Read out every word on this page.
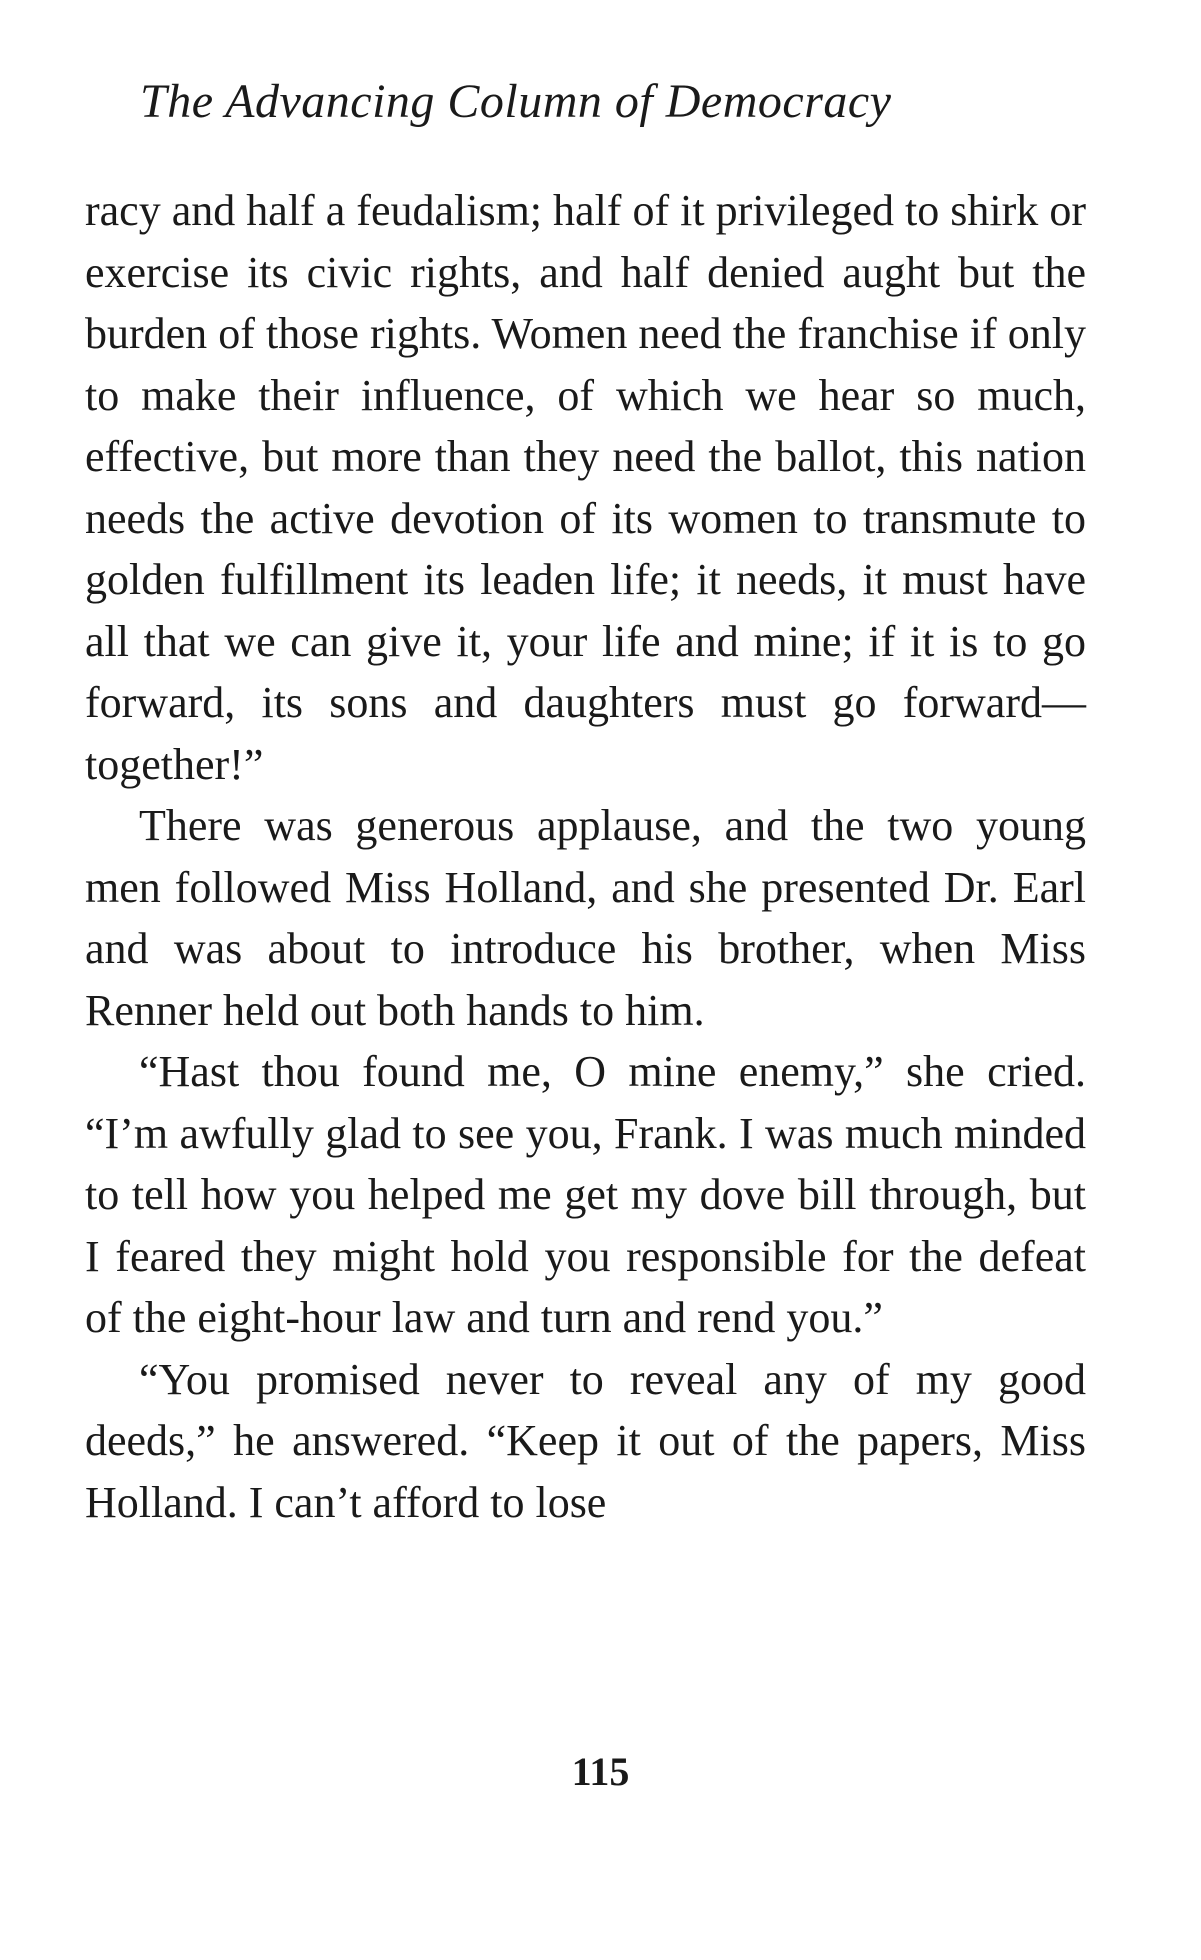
The Advancing Column of Democracy

racy and half a feudalism; half of it privileged to shirk or exercise its civic rights, and half denied aught but the burden of those rights. Women need the franchise if only to make their influence, of which we hear so much, effective, but more than they need the ballot, this nation needs the active devotion of its women to transmute to golden fulfillment its leaden life; it needs, it must have all that we can give it, your life and mine; if it is to go forward, its sons and daughters must go forward—together!”

There was generous applause, and the two young men followed Miss Holland, and she presented Dr. Earl and was about to introduce his brother, when Miss Renner held out both hands to him.

“Hast thou found me, O mine enemy,” she cried. “I’m awfully glad to see you, Frank. I was much minded to tell how you helped me get my dove bill through, but I feared they might hold you responsible for the defeat of the eight-hour law and turn and rend you.”

“You promised never to reveal any of my good deeds,” he answered. “Keep it out of the papers, Miss Holland. I can’t afford to lose

115
